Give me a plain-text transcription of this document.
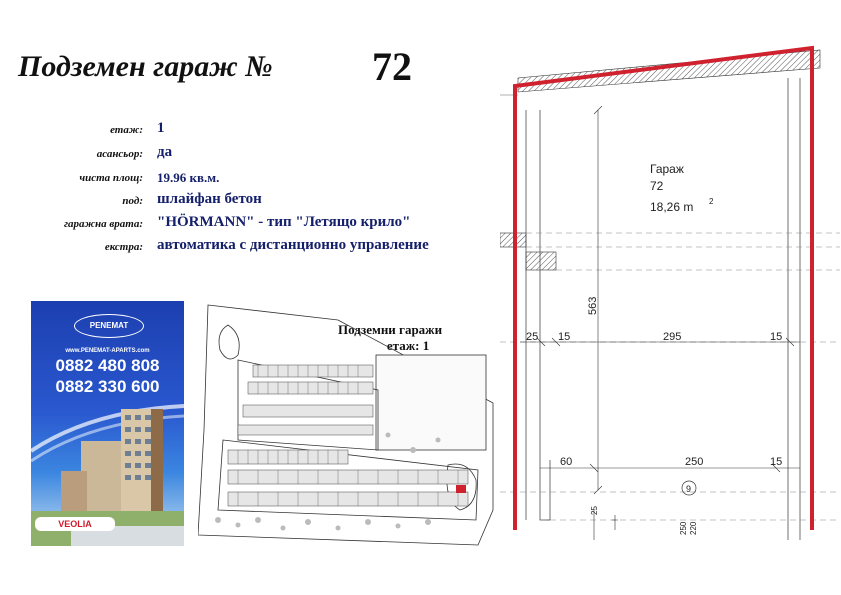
Подземен гараж № 72
етаж: 1
асансьор: да
чиста площ: 19.96 кв.м.
под: шлайфан бетон
гаражна врата: "HÖRMANN" - тип "Летящо крило"
екстра: автоматика с дистанционно управление
PENEMAT
www.PENEMAT-APARTS.com
0882 480 808
0882 330 600
VEOLIA
Подземни гаражи
етаж: 1
Гараж
72
18,26 m 2
563
25 15	295	15
60	250	15
25
250 220
9
